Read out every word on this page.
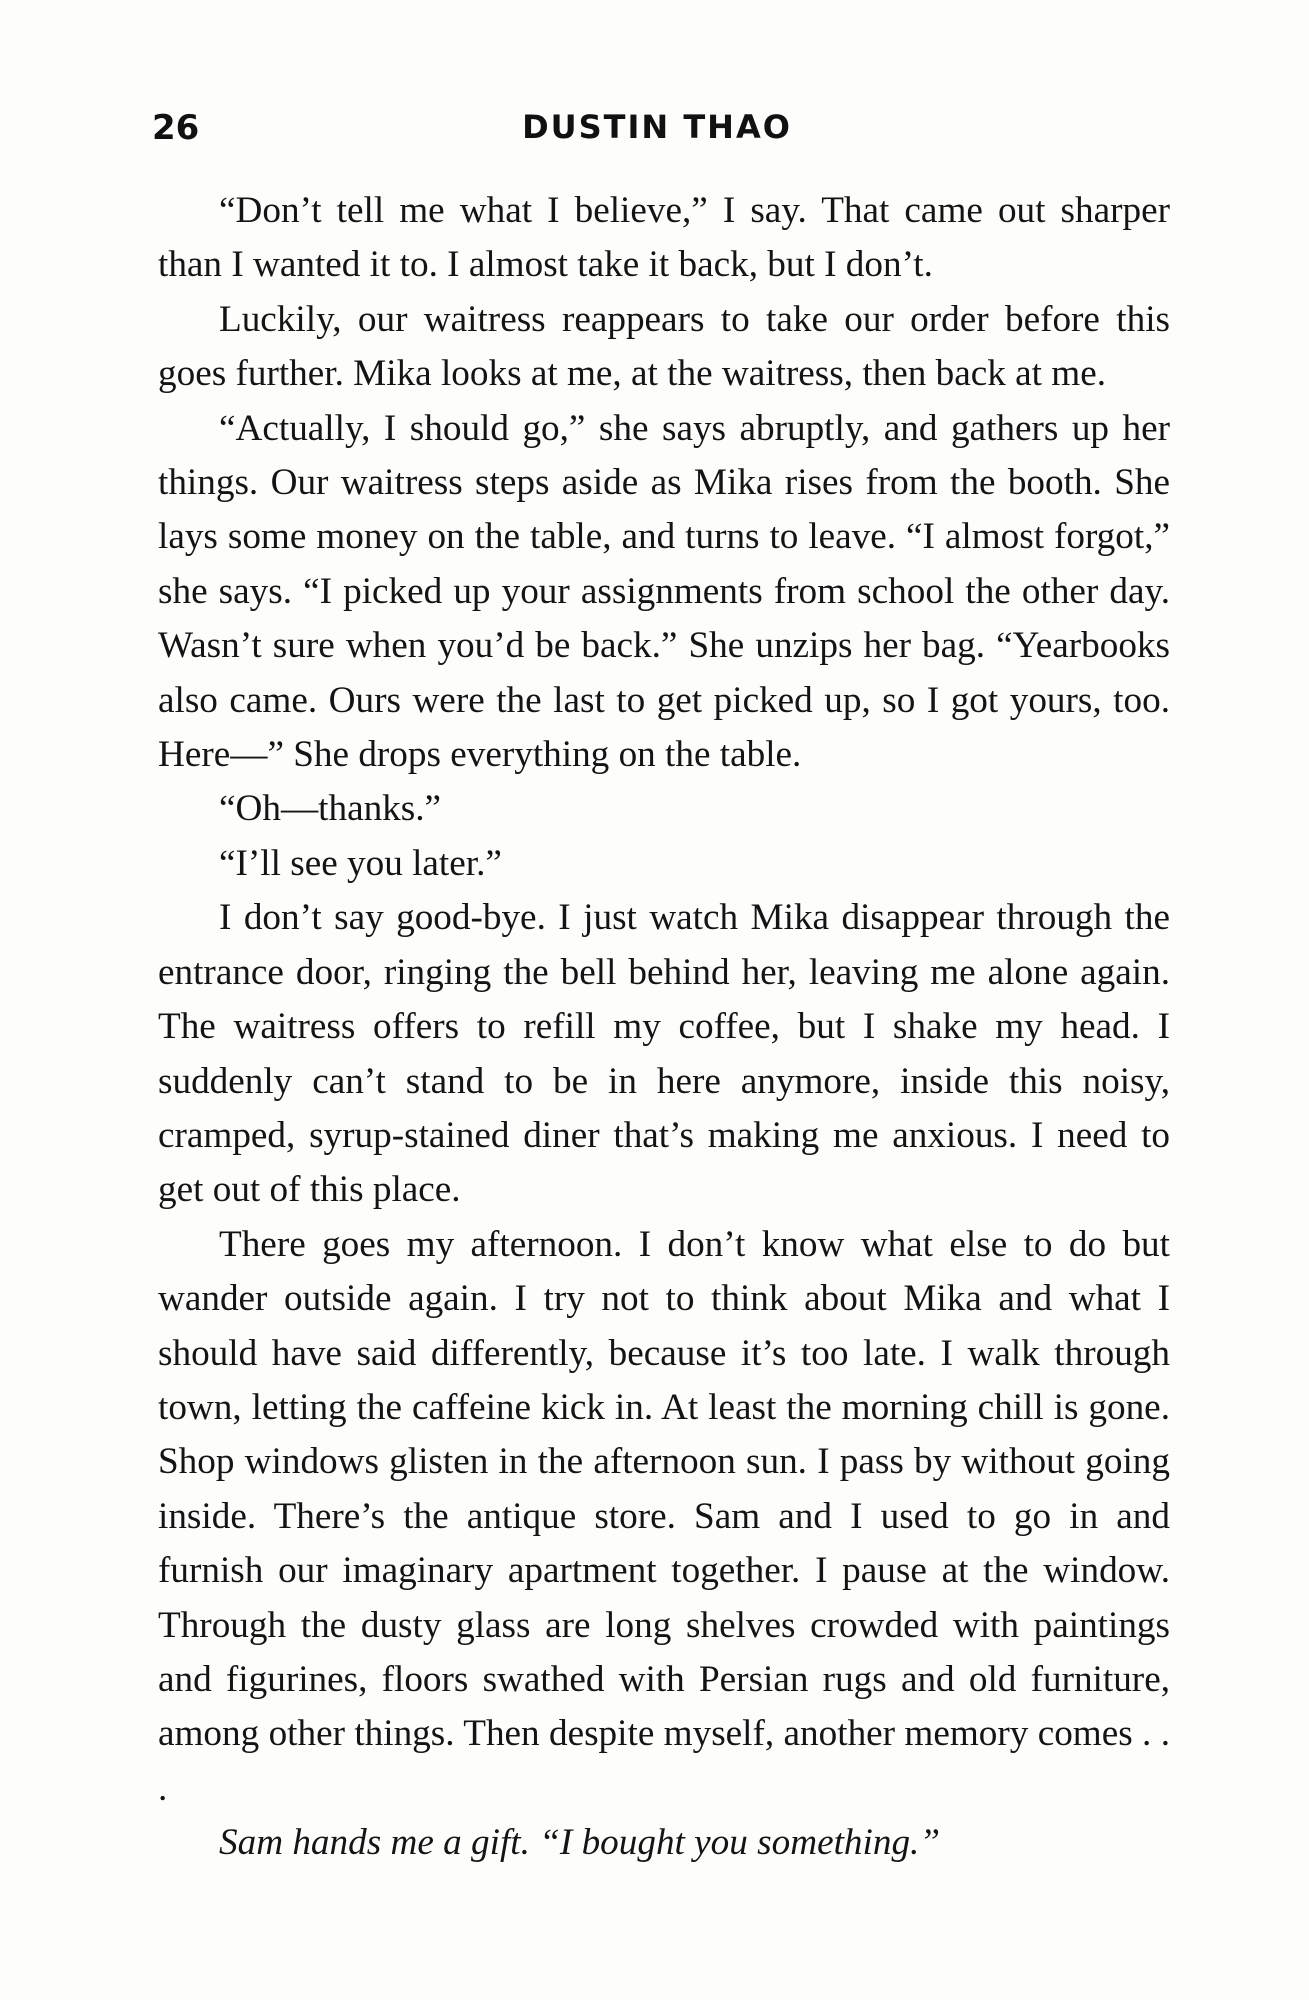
26	DUSTIN THAO

“Don’t tell me what I believe,” I say. That came out sharper than I wanted it to. I almost take it back, but I don’t.

Luckily, our waitress reappears to take our order before this goes further. Mika looks at me, at the waitress, then back at me.

“Actually, I should go,” she says abruptly, and gathers up her things. Our waitress steps aside as Mika rises from the booth. She lays some money on the table, and turns to leave. “I almost forgot,” she says. “I picked up your assignments from school the other day. Wasn’t sure when you’d be back.” She unzips her bag. “Yearbooks also came. Ours were the last to get picked up, so I got yours, too. Here—” She drops everything on the table.

“Oh—thanks.”

“I’ll see you later.”

I don’t say good-bye. I just watch Mika disappear through the entrance door, ringing the bell behind her, leaving me alone again. The waitress offers to refill my coffee, but I shake my head. I suddenly can’t stand to be in here anymore, inside this noisy, cramped, syrup-stained diner that’s making me anxious. I need to get out of this place.

There goes my afternoon. I don’t know what else to do but wander outside again. I try not to think about Mika and what I should have said differently, because it’s too late. I walk through town, letting the caffeine kick in. At least the morning chill is gone. Shop windows glisten in the afternoon sun. I pass by without going inside. There’s the antique store. Sam and I used to go in and furnish our imaginary apartment together. I pause at the window. Through the dusty glass are long shelves crowded with paintings and figurines, floors swathed with Persian rugs and old furniture, among other things. Then despite myself, another memory comes . . .

Sam hands me a gift. “I bought you something.”
